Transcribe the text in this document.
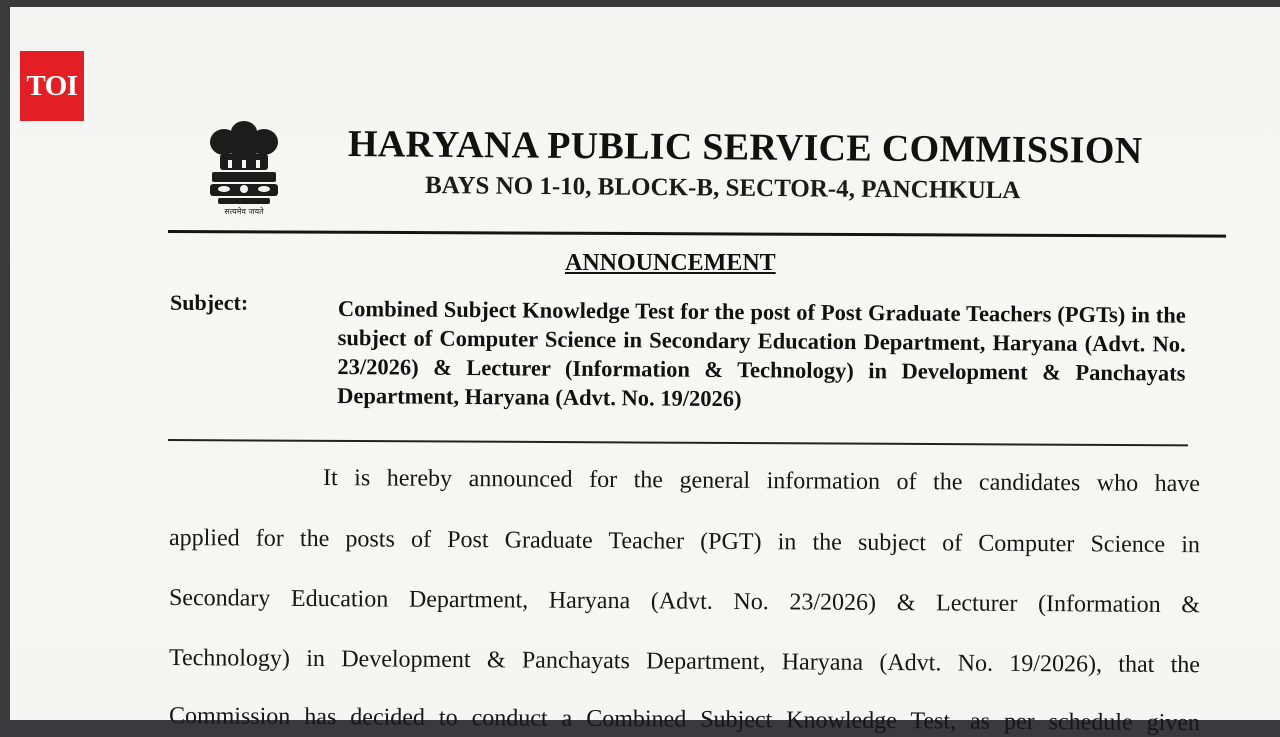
TOI
सत्यमेव जयते
HARYANA PUBLIC SERVICE COMMISSION
BAYS NO 1-10, BLOCK-B, SECTOR-4, PANCHKULA
ANNOUNCEMENT
Subject:	Combined Subject Knowledge Test for the post of Post Graduate Teachers (PGTs) in the subject of Computer Science in Secondary Education Department, Haryana (Advt. No. 23/2026) & Lecturer (Information & Technology) in Development & Panchayats Department, Haryana (Advt. No. 19/2026)
It is hereby announced for the general information of the candidates who have
applied for the posts of Post Graduate Teacher (PGT) in the subject of Computer Science in
Secondary Education Department, Haryana (Advt. No. 23/2026) & Lecturer (Information &
Technology) in Development & Panchayats Department, Haryana (Advt. No. 19/2026), that the
Commission has decided to conduct a Combined Subject Knowledge Test, as per schedule given
